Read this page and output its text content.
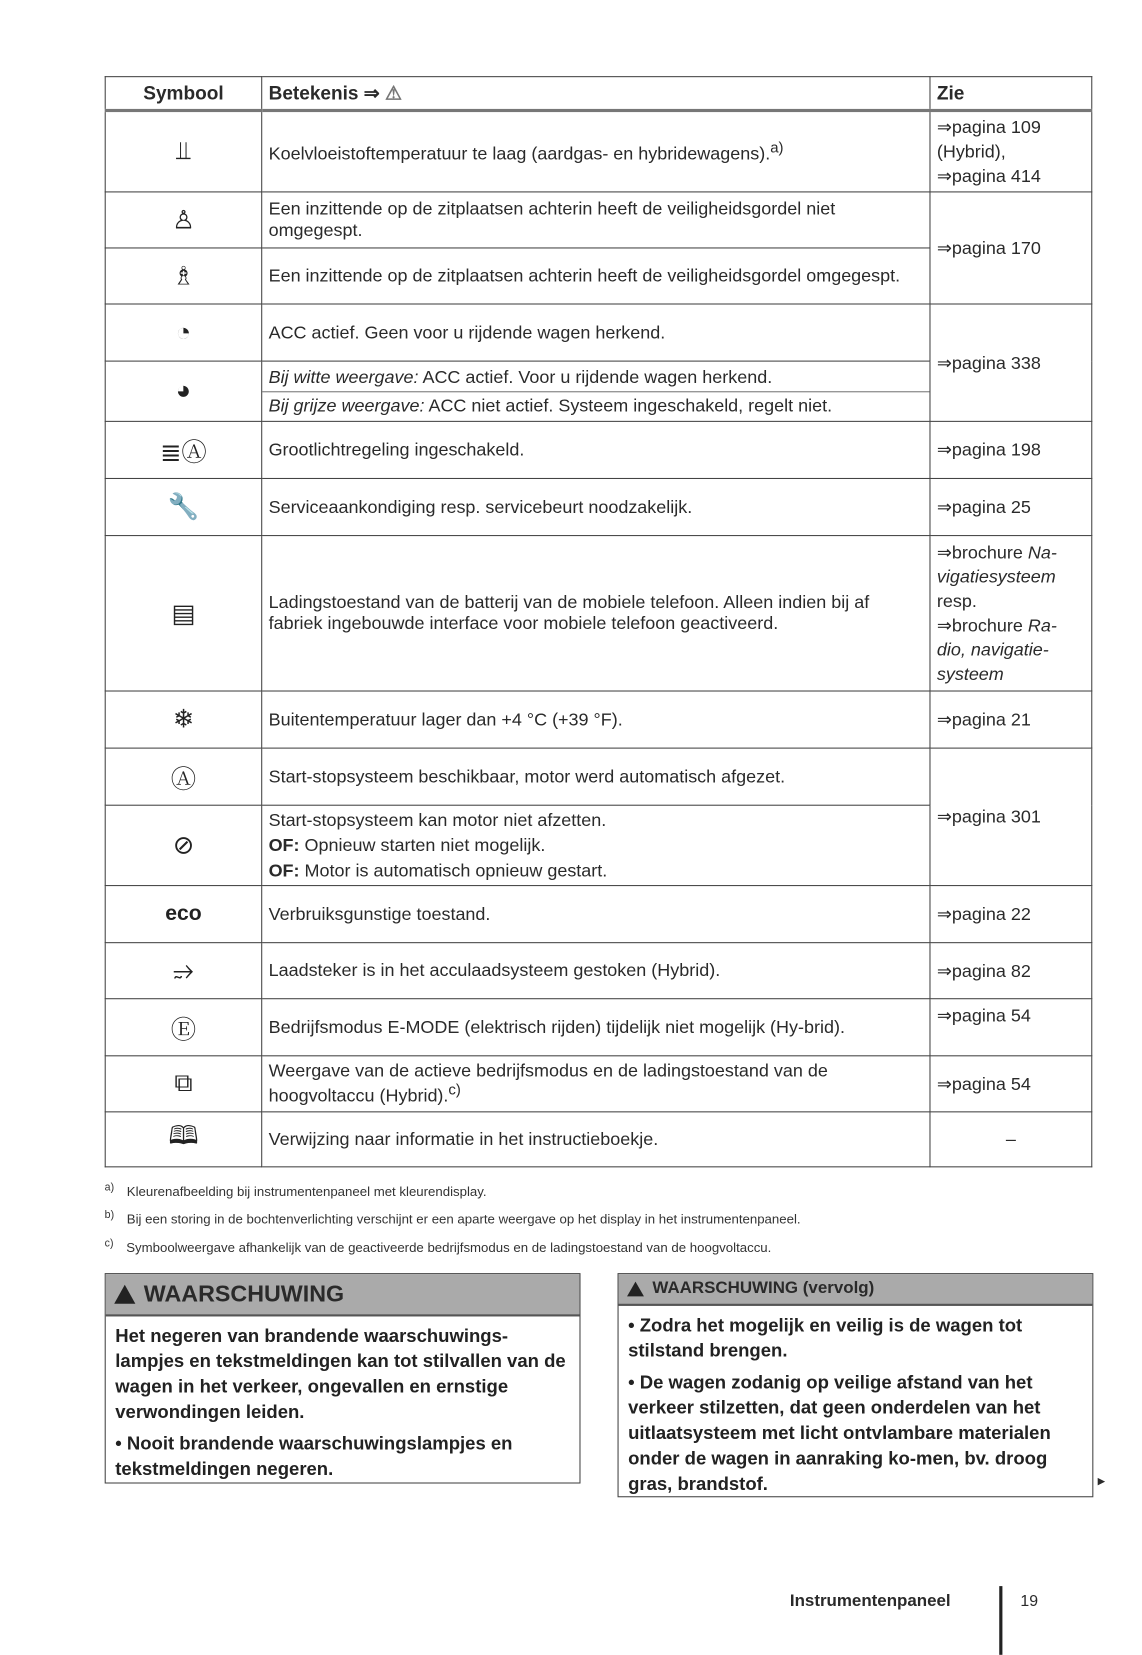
Symbool	Betekenis ⇒ ⚠	Zie
⫫	Koelvloeistoftemperatuur te laag (aardgas- en hybridewagens).$^{a)}$	⇒pagina 109
(Hybrid),
⇒pagina 414

♙	Een inzittende op de zitplaatsen achterin heeft de veiligheidsgordel niet omgegespt.	⇒pagina 170
♗	Een inzittende op de zitplaatsen achterin heeft de veiligheidsgordel omgegespt.	
◔	ACC actief. Geen voor u rijdende wagen herkend.	⇒pagina 338
◕	Bij witte weergave: ACC actief. Voor u rijdende wagen herkend.
Bij grijze weergave: ACC niet actief. Systeem ingeschakeld, regelt niet.	

≣Ⓐ	Grootlichtregeling ingeschakeld.	⇒pagina 198
🔧	Serviceaankondiging resp. servicebeurt noodzakelijk.	⇒pagina 25
▤	Ladingstoestand van de batterij van de mobiele telefoon. Alleen indien bij af fabriek ingebouwde interface voor mobiele telefoon geactiveerd.	⇒brochure Na-vigatiesysteem resp.
⇒brochure Ra-dio, navigatie-systeem
❄	Buitentemperatuur lager dan +4 °C (+39 °F).	⇒pagina 21
Ⓐ	Start-stopsysteem beschikbaar, motor werd automatisch afgezet.	⇒pagina 301
⊘	Start-stopsysteem kan motor niet afzetten.
OF: Opnieuw starten niet mogelijk.
OF: Motor is automatisch opnieuw gestart.	

eco	Verbruiksgunstige toestand.	⇒pagina 22
⥴	Laadsteker is in het acculaadsysteem gestoken (Hybrid).	⇒pagina 82
Ⓔ	Bedrijfsmodus E-MODE (elektrisch rijden) tijdelijk niet mogelijk (Hy-brid).	⇒pagina 54
⧉	Weergave van de actieve bedrijfsmodus en de ladingstoestand van de hoogvoltaccu (Hybrid).$^{c)}$	⇒pagina 54
🕮	Verwijzing naar informatie in het instructieboekje.	–
$^{a)}$ Kleurenafbeelding bij instrumentenpaneel met kleurendisplay.
$^{b)}$ Bij een storing in de bochtenverlichting verschijnt er een aparte weergave op het display in het instrumentenpaneel.
$^{c)}$ Symboolweergave afhankelijk van de geactiveerde bedrijfsmodus en de ladingstoestand van de hoogvoltaccu.
WAARSCHUWING

Het negeren van brandende waarschuwings-lampjes en tekstmeldingen kan tot stilvallen van de wagen in het verkeer, ongevallen en ernstige verwondingen leiden.

• Nooit brandende waarschuwingslampjes en tekstmeldingen negeren.

WAARSCHUWING (vervolg)

• Zodra het mogelijk en veilig is de wagen tot stilstand brengen.

• De wagen zodanig op veilige afstand van het verkeer stilzetten, dat geen onderdelen van het uitlaatsysteem met licht ontvlambare materialen onder de wagen in aanraking ko-men, bv. droog gras, brandstof.	▸
Instrumentenpaneel	19
